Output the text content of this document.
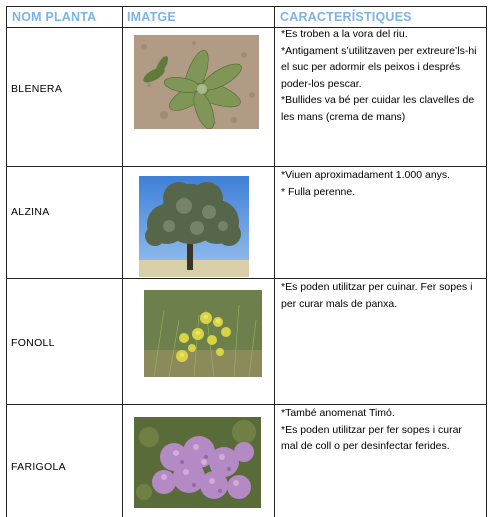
NOM PLANTA IMATGE	CARACTERÍSTIQUES
BLENERA
*Es troben a la vora del riu.
*Antigament s’utilitzaven per extreure’ls-hi el suc per adormir els peixos i després poder-los pescar.
*Bullides va bé per cuidar les clavelles de les mans (crema de mans)
ALZINA
*Viuen aproximadament 1.000 anys.
* Fulla perenne.
FONOLL
*Es poden utilitzar per cuinar. Fer sopes i per curar mals de panxa.
FARIGOLA
*També anomenat Timó.
*Es poden utilitzar per fer sopes i curar mal de coll o per desinfectar ferides.
